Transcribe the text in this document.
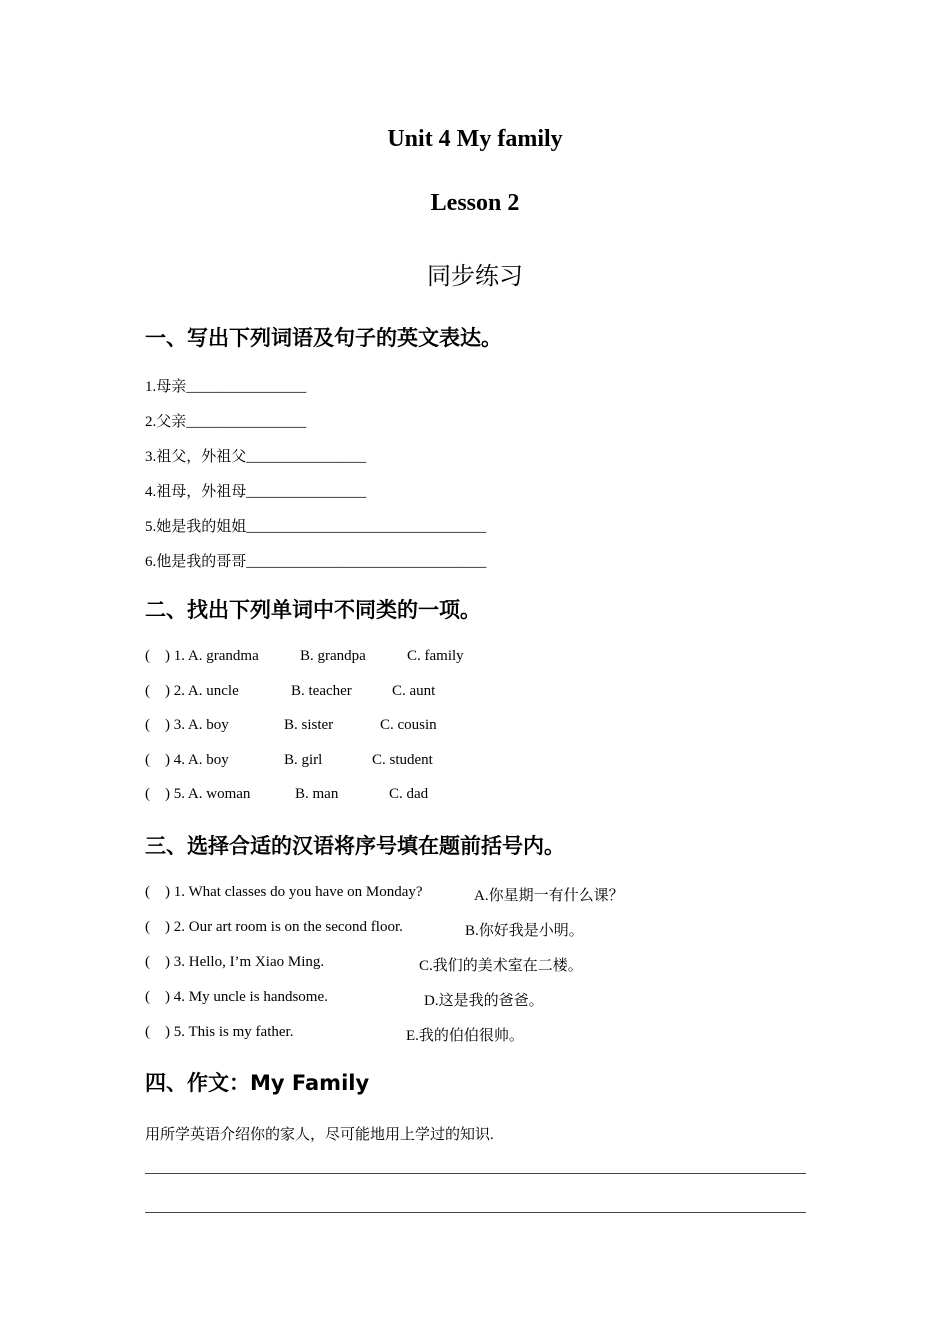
Unit 4 My family
Lesson 2
同步练习
一、写出下列词语及句子的英文表达。
1.母亲________________
2.父亲________________
3.祖父，外祖父________________
4.祖母，外祖母________________
5.她是我的姐姐________________________________
6.他是我的哥哥________________________________
二、找出下列单词中不同类的一项。
(    ) 1. A. grandma	B. grandpa	C. family
(    ) 2. A. uncle	B. teacher	C. aunt
(    ) 3. A. boy	B. sister	C. cousin
(    ) 4. A. boy	B. girl	C. student
(    ) 5. A. woman	B. man	C. dad
三、选择合适的汉语将序号填在题前括号内。
(    ) 1. What classes do you have on Monday?	A.你星期一有什么课？
(    ) 2. Our art room is on the second floor.	B.你好我是小明。
(    ) 3. Hello, I’m Xiao Ming.	C.我们的美术室在二楼。
(    ) 4. My uncle is handsome.	D.这是我的爸爸。
(    ) 5. This is my father.	E.我的伯伯很帅。
四、作文：My Family
用所学英语介绍你的家人，尽可能地用上学过的知识.
